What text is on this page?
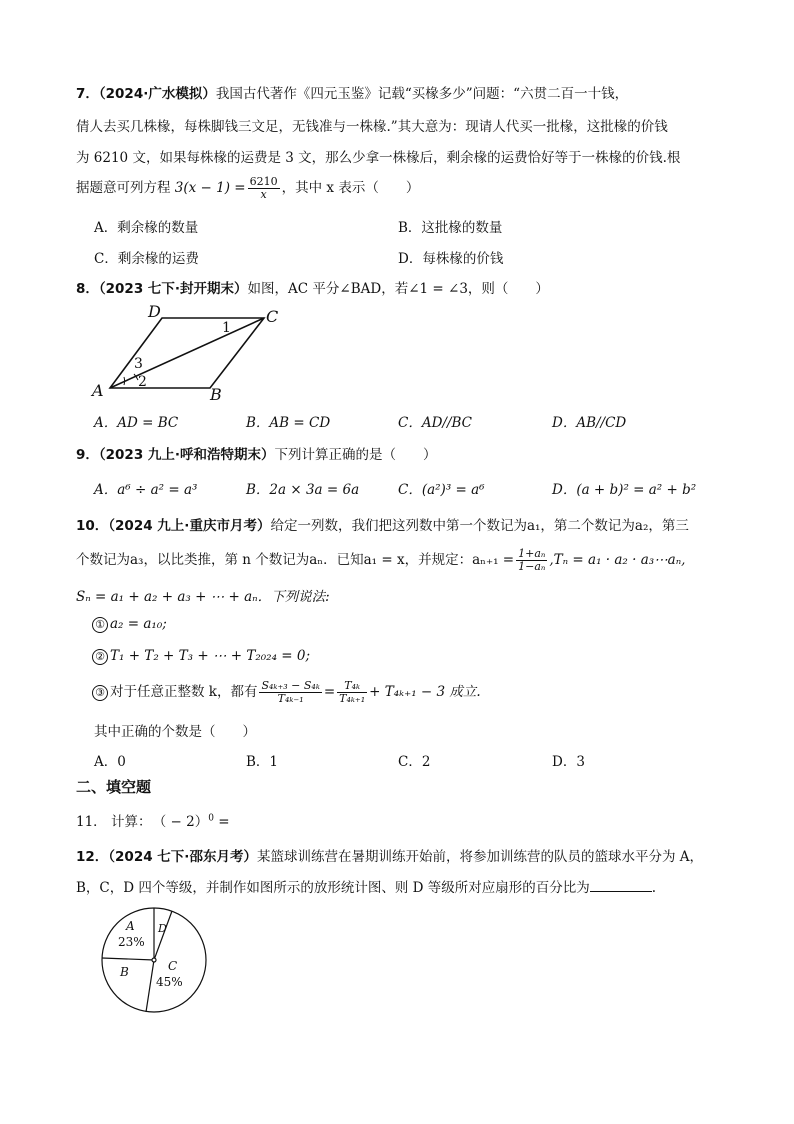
7．（2024·广水模拟）我国古代著作《四元玉鉴》记载“买椽多少”问题：“六贯二百一十钱，
倩人去买几株椽，每株脚钱三文足，无钱准与一株椽.”其大意为：现请人代买一批椽，这批椽的价钱
为 6210 文，如果每株椽的运费是 3 文，那么少拿一株椽后，剩余椽的运费恰好等于一株椽的价钱.根
据题意可列方程 $3(x - 1) = \frac{6210}{x}$ ，其中 x 表示（　　）
A．剩余椽的数量	B．这批椽的数量
C．剩余椽的运费	D．每株椽的价钱
8．（2023 七下·封开期末）如图，AC 平分∠BAD，若∠1 = ∠3，则（　　）
A	B
C
D
1
2
3
A．AD = BC	B．AB = CD	C．AD//BC	D．AB//CD
9．（2023 九上·呼和浩特期末）下列计算正确的是（　　）
A．a⁶ ÷ a² = a³	B．2a × 3a = 6a	C．(a²)³ = a⁶	D．(a + b)² = a² + b²
10．（2024 九上·重庆市月考）给定一列数，我们把这列数中第一个数记为a₁，第二个数记为a₂，第三
个数记为a₃，以比类推，第 n 个数记为aₙ．已知a₁ = x，并规定：$a_{n+1} = \frac{\text{1+aₙ}}{\text{1−aₙ}} ,T_n = a_1 \cdot a_2$ · a₃⋯aₙ,
Sₙ = a₁ + a₂ + a₃ + ⋯ + aₙ．下列说法:
① a₂ = a₁₀;
② T₁ + T₂ + T₃ + ⋯ + T₂₀₂₄ = 0;
③ 对于任意正整数 k，都有 $\frac{\text{S₄ₖ₊₃ − S₄ₖ}}{\text{T₄ₖ₋₁}} = \frac{\text{T₄ₖ}}{\text{T₄ₖ₊₁}} + T_{4k+1} - 3$ 成立.
其中正确的个数是（　　）
A．0	B．1	C．2	D．3
二、填空题
11． 计算： （ − 2）$^0$ =
12．（2024 七下·邵东月考）某篮球训练营在暑期训练开始前，将参加训练营的队员的篮球水平分为 A，
B，C，D 四个等级，并制作如图所示的放形统计图、则 D 等级所对应扇形的百分比为	.
A
23%
D
B	C
45%
